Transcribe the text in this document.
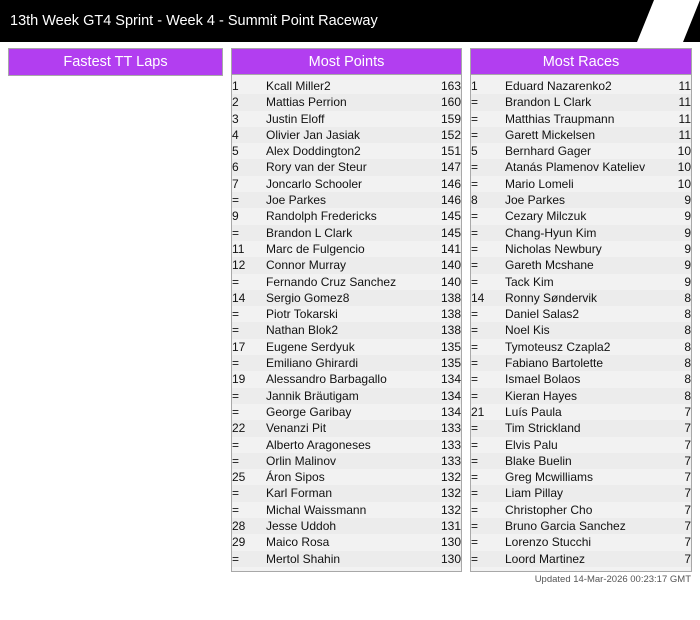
13th Week GT4 Sprint - Week 4 - Summit Point Raceway
Fastest TT Laps	Most Points
1	Kcall Miller2	163
2	Mattias Perrion	160
3	Justin Eloff	159
4	Olivier Jan Jasiak	152
5	Alex Doddington2	151
6	Rory van der Steur	147
7	Joncarlo Schooler	146
=	Joe Parkes	146
9	Randolph Fredericks	145
=	Brandon L Clark	145
11	Marc de Fulgencio	141
12	Connor Murray	140
=	Fernando Cruz Sanchez	140
14	Sergio Gomez8	138
=	Piotr Tokarski	138
=	Nathan Blok2	138
17	Eugene Serdyuk	135
=	Emiliano Ghirardi	135
19	Alessandro Barbagallo	134
=	Jannik Bräutigam	134
=	George Garibay	134
22	Venanzi Pit	133
=	Alberto Aragoneses	133
=	Orlin Malinov	133
25	Áron Sipos	132
=	Karl Forman	132
=	Michal Waissmann	132
28	Jesse Uddoh	131
29	Maico Rosa	130
=	Mertol Shahin	130
Most Races
1	Eduard Nazarenko2	11
=	Brandon L Clark	11
=	Matthias Traupmann	11
=	Garett Mickelsen	11
5	Bernhard Gager	10
=	Atanás Plamenov Kateliev	10
=	Mario Lomeli	10
8	Joe Parkes	9
=	Cezary Milczuk	9
=	Chang-Hyun Kim	9
=	Nicholas Newbury	9
=	Gareth Mcshane	9
=	Tack Kim	9
14	Ronny Søndervik	8
=	Daniel Salas2	8
=	Noel Kis	8
=	Tymoteusz Czapla2	8
=	Fabiano Bartolette	8
=	Ismael Bolaos	8
=	Kieran Hayes	8
21	Luís Paula	7
=	Tim Strickland	7
=	Elvis Palu	7
=	Blake Buelin	7
=	Greg Mcwilliams	7
=	Liam Pillay	7
=	Christopher Cho	7
=	Bruno Garcia Sanchez	7
=	Lorenzo Stucchi	7
=	Loord Martinez	7
Updated 14-Mar-2026 00:23:17 GMT
